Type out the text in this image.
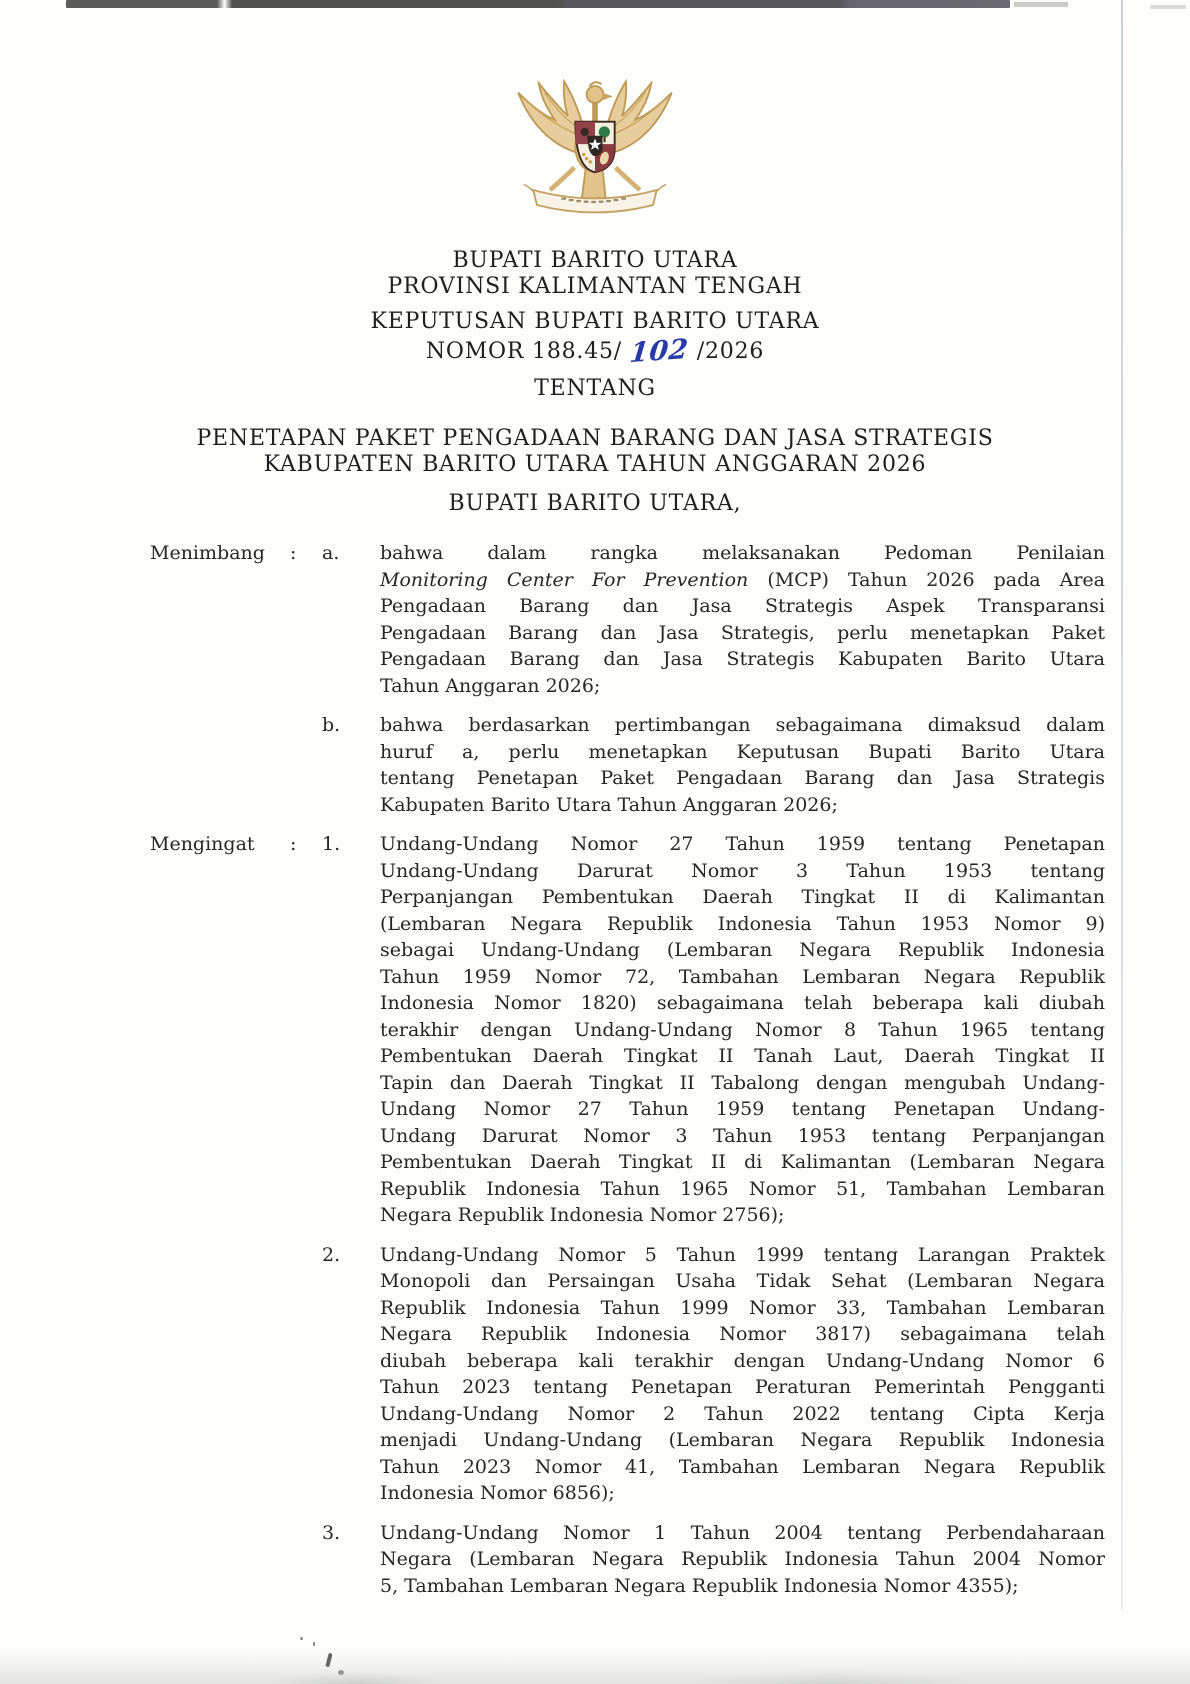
BUPATI BARITO UTARA
PROVINSI KALIMANTAN TENGAH
KEPUTUSAN BUPATI BARITO UTARA
NOMOR 188.45/ 102 /2026
TENTANG
PENETAPAN PAKET PENGADAAN BARANG DAN JASA STRATEGIS
KABUPATEN BARITO UTARA TAHUN ANGGARAN 2026
BUPATI BARITO UTARA,
Menimbang	:	a.	bahwa dalam rangka melaksanakan Pedoman Penilaian
Monitoring Center For Prevention (MCP) Tahun 2026 pada Area
Pengadaan Barang dan Jasa Strategis Aspek Transparansi
Pengadaan Barang dan Jasa Strategis, perlu menetapkan Paket
Pengadaan Barang dan Jasa Strategis Kabupaten Barito Utara
Tahun Anggaran 2026;
b.	bahwa berdasarkan pertimbangan sebagaimana dimaksud dalam
huruf a, perlu menetapkan Keputusan Bupati Barito Utara
tentang Penetapan Paket Pengadaan Barang dan Jasa Strategis
Kabupaten Barito Utara Tahun Anggaran 2026;
Mengingat	:	1.	Undang-Undang Nomor 27 Tahun 1959 tentang Penetapan
Undang-Undang Darurat Nomor 3 Tahun 1953 tentang
Perpanjangan Pembentukan Daerah Tingkat II di Kalimantan
(Lembaran Negara Republik Indonesia Tahun 1953 Nomor 9)
sebagai Undang-Undang (Lembaran Negara Republik Indonesia
Tahun 1959 Nomor 72, Tambahan Lembaran Negara Republik
Indonesia Nomor 1820) sebagaimana telah beberapa kali diubah
terakhir dengan Undang-Undang Nomor 8 Tahun 1965 tentang
Pembentukan Daerah Tingkat II Tanah Laut, Daerah Tingkat II
Tapin dan Daerah Tingkat II Tabalong dengan mengubah Undang-
Undang Nomor 27 Tahun 1959 tentang Penetapan Undang-
Undang Darurat Nomor 3 Tahun 1953 tentang Perpanjangan
Pembentukan Daerah Tingkat II di Kalimantan (Lembaran Negara
Republik Indonesia Tahun 1965 Nomor 51, Tambahan Lembaran
Negara Republik Indonesia Nomor 2756);
2.	Undang-Undang Nomor 5 Tahun 1999 tentang Larangan Praktek
Monopoli dan Persaingan Usaha Tidak Sehat (Lembaran Negara
Republik Indonesia Tahun 1999 Nomor 33, Tambahan Lembaran
Negara Republik Indonesia Nomor 3817) sebagaimana telah
diubah beberapa kali terakhir dengan Undang-Undang Nomor 6
Tahun 2023 tentang Penetapan Peraturan Pemerintah Pengganti
Undang-Undang Nomor 2 Tahun 2022 tentang Cipta Kerja
menjadi Undang-Undang (Lembaran Negara Republik Indonesia
Tahun 2023 Nomor 41, Tambahan Lembaran Negara Republik
Indonesia Nomor 6856);
3.	Undang-Undang Nomor 1 Tahun 2004 tentang Perbendaharaan
Negara (Lembaran Negara Republik Indonesia Tahun 2004 Nomor
5, Tambahan Lembaran Negara Republik Indonesia Nomor 4355);
